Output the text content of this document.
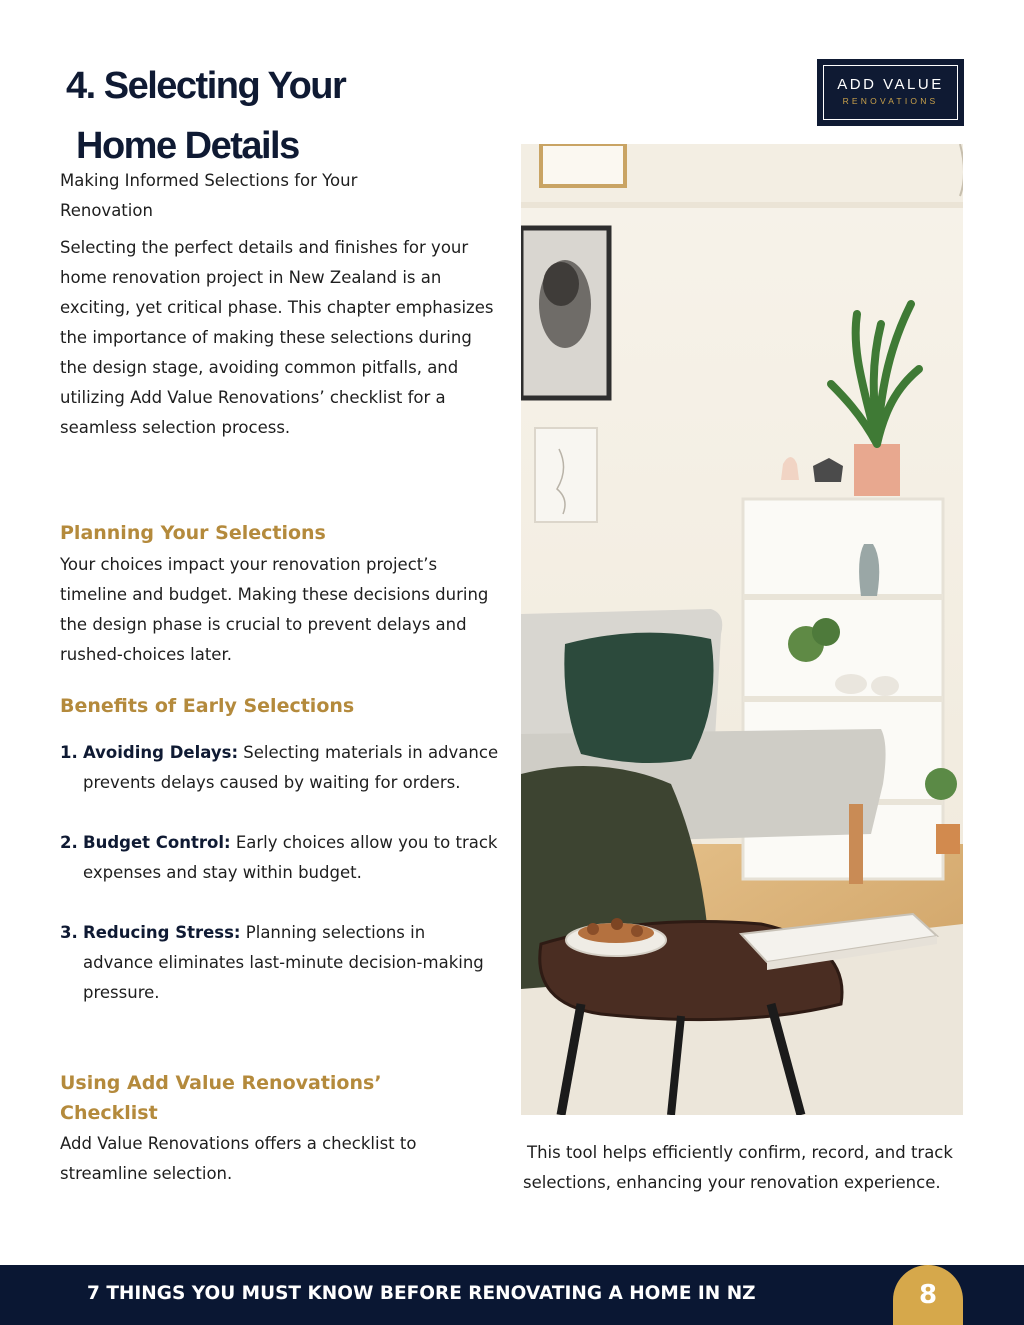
4. Selecting Your
Home Details
ADD VALUE
RENOVATIONS

Making Informed Selections for Your Renovation

Selecting the perfect details and finishes for your home renovation project in New Zealand is an exciting, yet critical phase. This chapter emphasizes the importance of making these selections during the design stage, avoiding common pitfalls, and utilizing Add Value Renovations’ checklist for a seamless selection process.

Planning Your Selections

Your choices impact your renovation project’s timeline and budget. Making these decisions during the design phase is crucial to prevent delays and rushed-choices later.

Benefits of Early Selections
1. Avoiding Delays: Selecting materials in advance prevents delays caused by waiting for orders.
2. Budget Control: Early choices allow you to track expenses and stay within budget.
3. Reducing Stress: Planning selections in advance eliminates last-minute decision-making pressure.
Using Add Value Renovations’ Checklist

Add Value Renovations offers a checklist to streamline selection.

This tool helps efficiently confirm, record, and track selections, enhancing your renovation experience.

7 THINGS YOU MUST KNOW BEFORE RENOVATING A HOME IN NZ	8
